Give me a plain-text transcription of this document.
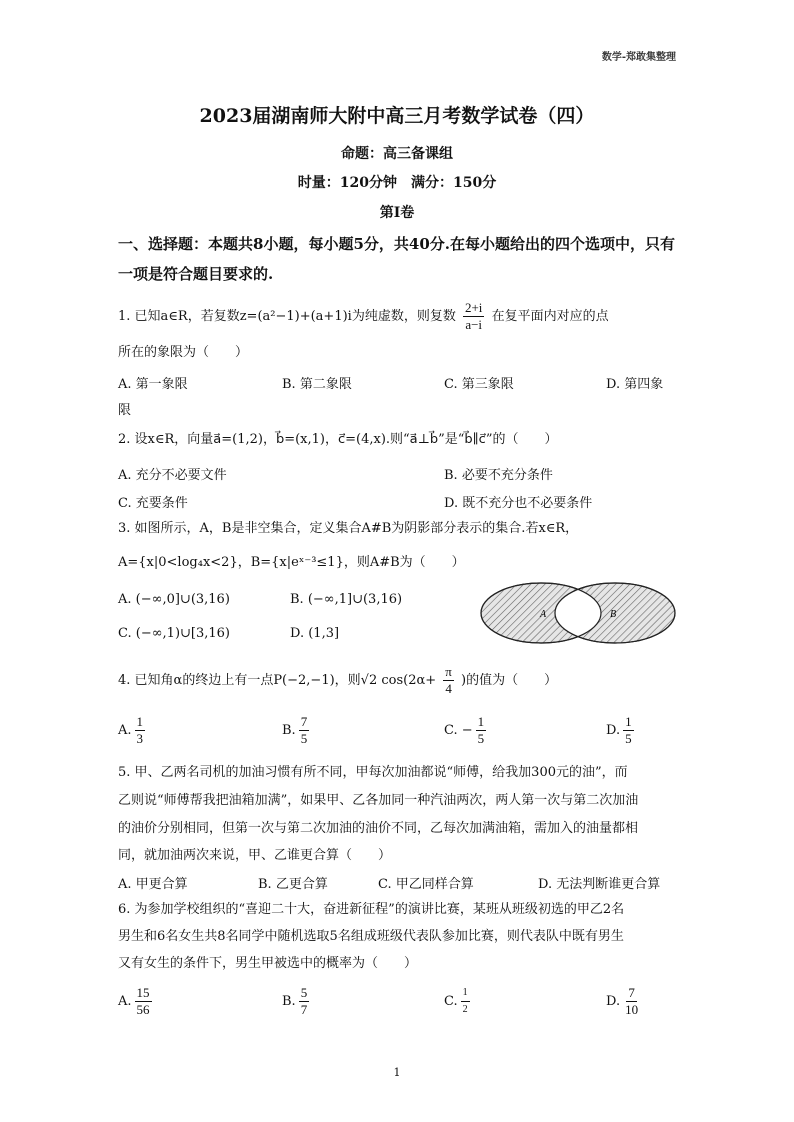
数学-郑敢集整理
2023届湖南师大附中高三月考数学试卷（四）
命题：高三备课组
时量：120分钟　满分：150分
第Ⅰ卷
一、选择题：本题共8小题，每小题5分，共40分.在每小题给出的四个选项中，只有一项是符合题目要求的.
1. 已知a∈R，若复数z=(a²−1)+(a+1)i为纯虚数，则复数 $\frac{2+i}{a-i}$ 在复平面内对应的点
所在的象限为（　　）
A. 第一象限	B. 第二象限	C. 第三象限	D. 第四象
限
2. 设x∈R，向量a⃗=(1,2)，b⃗=(x,1)，c⃗=(4,x).则“a⃗⊥b⃗”是“b⃗∥c⃗”的（　　）
A. 充分不必要文件	B. 必要不充分条件
C. 充要条件	D. 既不充分也不必要条件
3. 如图所示，A，B是非空集合，定义集合A#B为阴影部分表示的集合.若x∈R，
A={x|0<log₄x<2}，B={x|eˣ⁻³≤1}，则A#B为（　　）
A. (−∞,0]∪(3,16)	B. (−∞,1]∪(3,16)
C. (−∞,1)∪[3,16)	D. (1,3]
A	B
4. 已知角α的终边上有一点P(−2,−1)，则√2 $\cos(2\alpha+ \frac{\pi}{4}$ )的值为（　　）
A. $\frac{1}{3}$	B. $\frac{7}{5}$	C. − $\frac{1}{5}$	D. $\frac{1}{5}$
5. 甲、乙两名司机的加油习惯有所不同，甲每次加油都说“师傅，给我加300元的油”，而
乙则说“师傅帮我把油箱加满”，如果甲、乙各加同一种汽油两次，两人第一次与第二次加油
的油价分别相同，但第一次与第二次加油的油价不同，乙每次加满油箱，需加入的油量都相
同，就加油两次来说，甲、乙谁更合算（　　）
A. 甲更合算	B. 乙更合算	C. 甲乙同样合算	D. 无法判断谁更合算
6. 为参加学校组织的“喜迎二十大，奋进新征程”的演讲比赛，某班从班级初选的甲乙2名
男生和6名女生共8名同学中随机选取5名组成班级代表队参加比赛，则代表队中既有男生
又有女生的条件下，男生甲被选中的概率为（　　）
A. $\frac{15}{56}$	B. $\frac{5}{7}$	C. $\frac{1}{2}$	D. $\frac{7}{10}$
1
